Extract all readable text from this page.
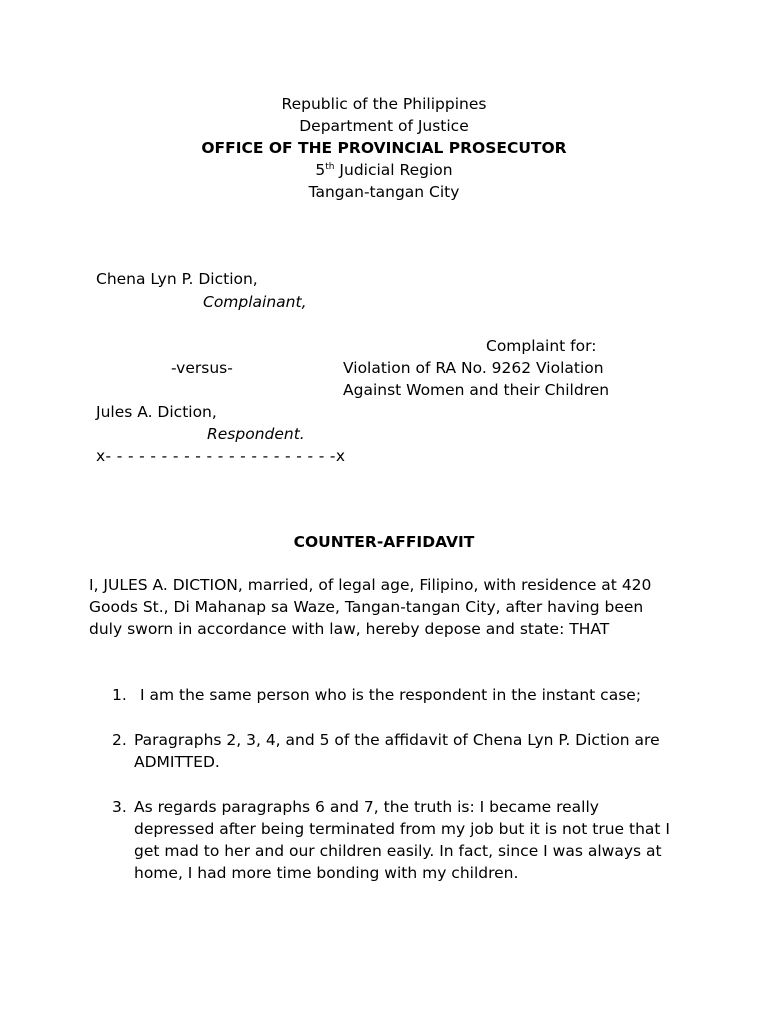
Republic of the Philippines
Department of Justice
OFFICE OF THE PROVINCIAL PROSECUTOR
5th Judicial Region
Tangan-tangan City
Chena Lyn P. Diction,
Complainant,
Complaint for:
-versus-	Violation of RA No. 9262 Violation
Against Women and their Children
Jules A. Diction,
Respondent.
x- - - - - - - - - - - - - - - - - - - - -x
COUNTER-AFFIDAVIT
I, JULES A. DICTION, married, of legal age, Filipino, with residence at 420
Goods St., Di Mahanap sa Waze, Tangan-tangan City, after having been
duly sworn in accordance with law, hereby depose and state: THAT
1. I am the same person who is the respondent in the instant case;
2. Paragraphs 2, 3, 4, and 5 of the affidavit of Chena Lyn P. Diction are
ADMITTED.
3. As regards paragraphs 6 and 7, the truth is: I became really
depressed after being terminated from my job but it is not true that I
get mad to her and our children easily. In fact, since I was always at
home, I had more time bonding with my children.
